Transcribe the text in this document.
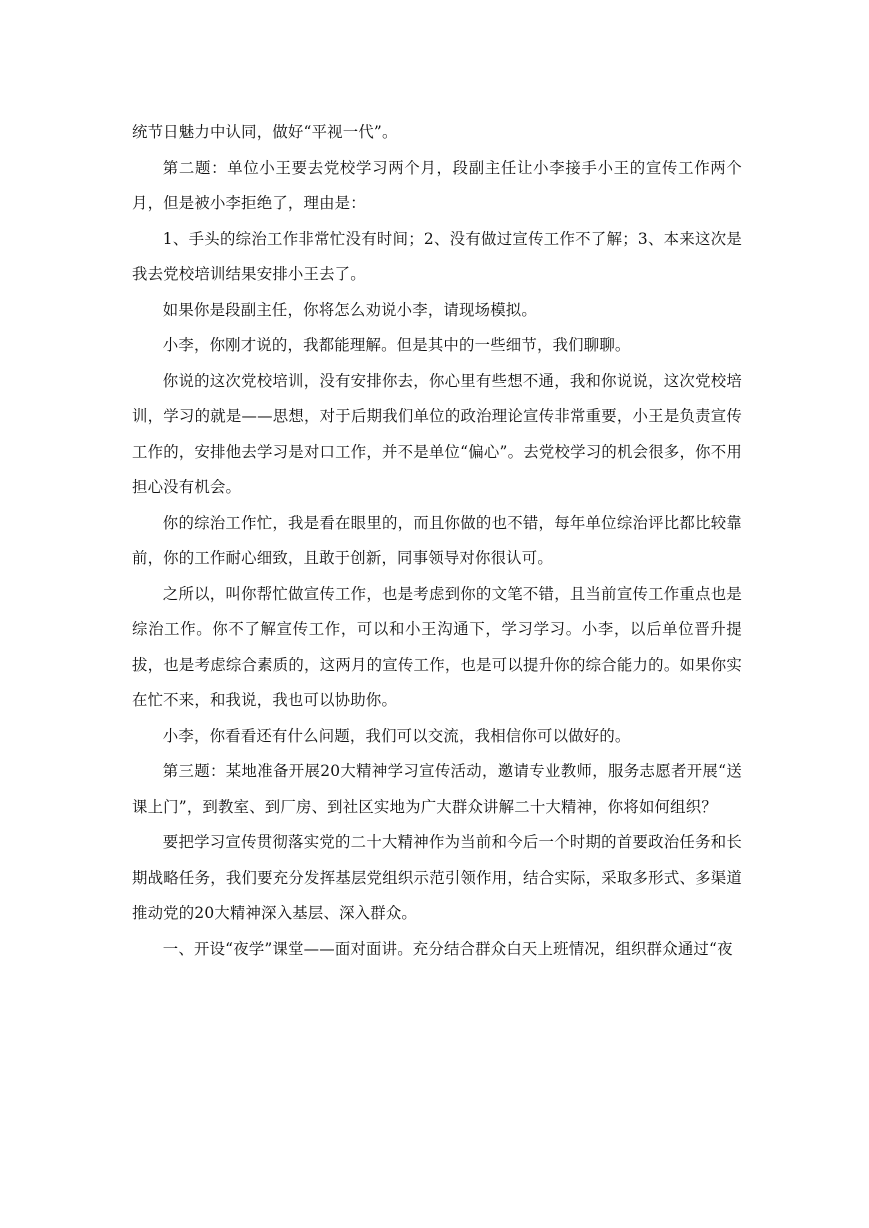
统节日魅力中认同，做好“平视一代”。

第二题：单位小王要去党校学习两个月，段副主任让小李接手小王的宣传工作两个月，但是被小李拒绝了，理由是：

1、手头的综治工作非常忙没有时间；2、没有做过宣传工作不了解；3、本来这次是我去党校培训结果安排小王去了。

如果你是段副主任，你将怎么劝说小李，请现场模拟。

小李，你刚才说的，我都能理解。但是其中的一些细节，我们聊聊。

你说的这次党校培训，没有安排你去，你心里有些想不通，我和你说说，这次党校培训，学习的就是——思想，对于后期我们单位的政治理论宣传非常重要，小王是负责宣传工作的，安排他去学习是对口工作，并不是单位“偏心”。去党校学习的机会很多，你不用担心没有机会。

你的综治工作忙，我是看在眼里的，而且你做的也不错，每年单位综治评比都比较靠前，你的工作耐心细致，且敢于创新，同事领导对你很认可。

之所以，叫你帮忙做宣传工作，也是考虑到你的文笔不错，且当前宣传工作重点也是综治工作。你不了解宣传工作，可以和小王沟通下，学习学习。小李，以后单位晋升提拔，也是考虑综合素质的，这两月的宣传工作，也是可以提升你的综合能力的。如果你实在忙不来，和我说，我也可以协助你。

小李，你看看还有什么问题，我们可以交流，我相信你可以做好的。

第三题：某地准备开展20大精神学习宣传活动，邀请专业教师，服务志愿者开展“送课上门”，到教室、到厂房、到社区实地为广大群众讲解二十大精神，你将如何组织？

要把学习宣传贯彻落实党的二十大精神作为当前和今后一个时期的首要政治任务和长期战略任务，我们要充分发挥基层党组织示范引领作用，结合实际，采取多形式、多渠道推动党的20大精神深入基层、深入群众。

一、开设“夜学”课堂——面对面讲。充分结合群众白天上班情况，组织群众通过“夜
